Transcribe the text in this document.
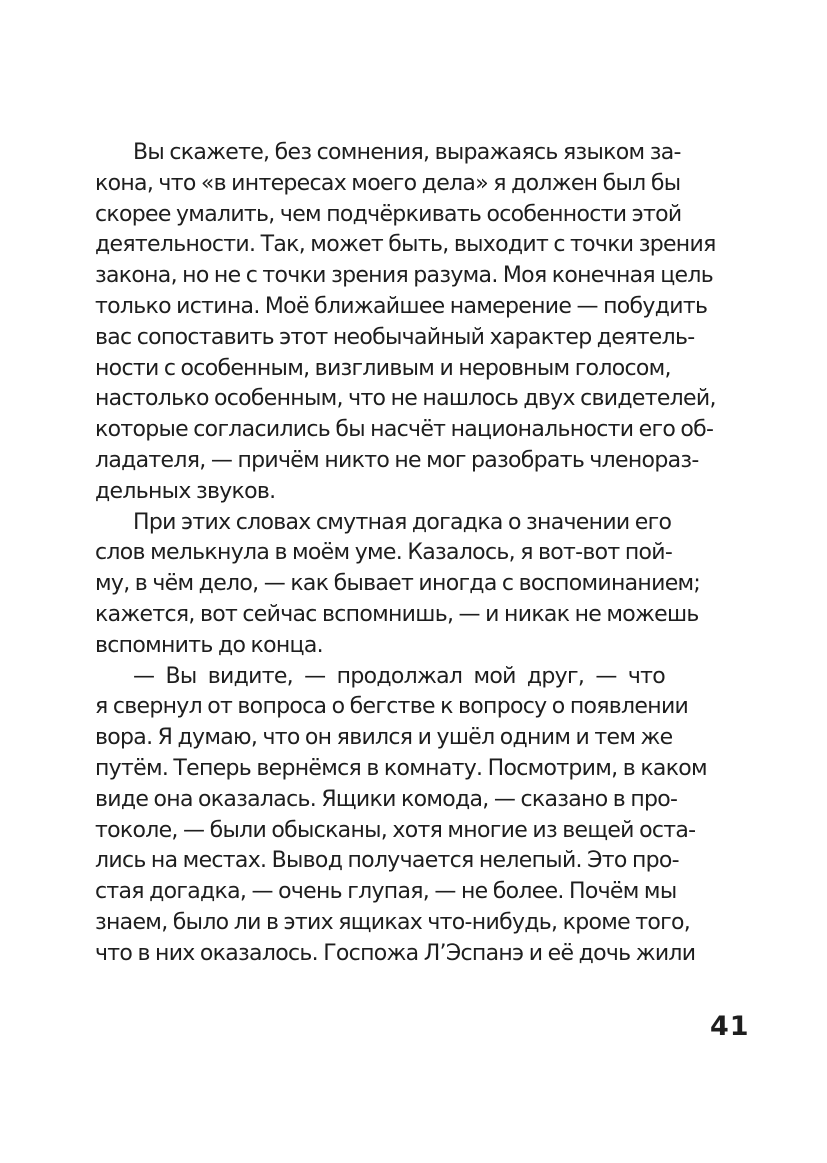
Вы скажете, без сомнения, выражаясь языком за-
кона, что «в интересах моего дела» я должен был бы
скорее умалить, чем подчёркивать особенности этой
деятельности. Так, может быть, выходит с точки зрения
закона, но не с точки зрения разума. Моя конечная цель
только истина. Моё ближайшее намерение — побудить
вас сопоставить этот необычайный характер деятель-
ности с особенным, визгливым и неровным голосом,
настолько особенным, что не нашлось двух свидетелей,
которые согласились бы насчёт национальности его об-
ладателя, — причём никто не мог разобрать членораз-
дельных звуков.
При этих словах смутная догадка о значении его
слов мелькнула в моём уме. Казалось, я вот-вот пой-
му, в чём дело, — как бывает иногда с воспоминанием;
кажется, вот сейчас вспомнишь, — и никак не можешь
вспомнить до конца.
— Вы видите, — продолжал мой друг, — что
я свернул от вопроса о бегстве к вопросу о появлении
вора. Я думаю, что он явился и ушёл одним и тем же
путём. Теперь вернёмся в комнату. Посмотрим, в каком
виде она оказалась. Ящики комода, — сказано в про-
токоле, — были обысканы, хотя многие из вещей оста-
лись на местах. Вывод получается нелепый. Это про-
стая догадка, — очень глупая, — не более. Почём мы
знаем, было ли в этих ящиках что-нибудь, кроме того,
что в них оказалось. Госпожа Л’Эспанэ и её дочь жили
41
